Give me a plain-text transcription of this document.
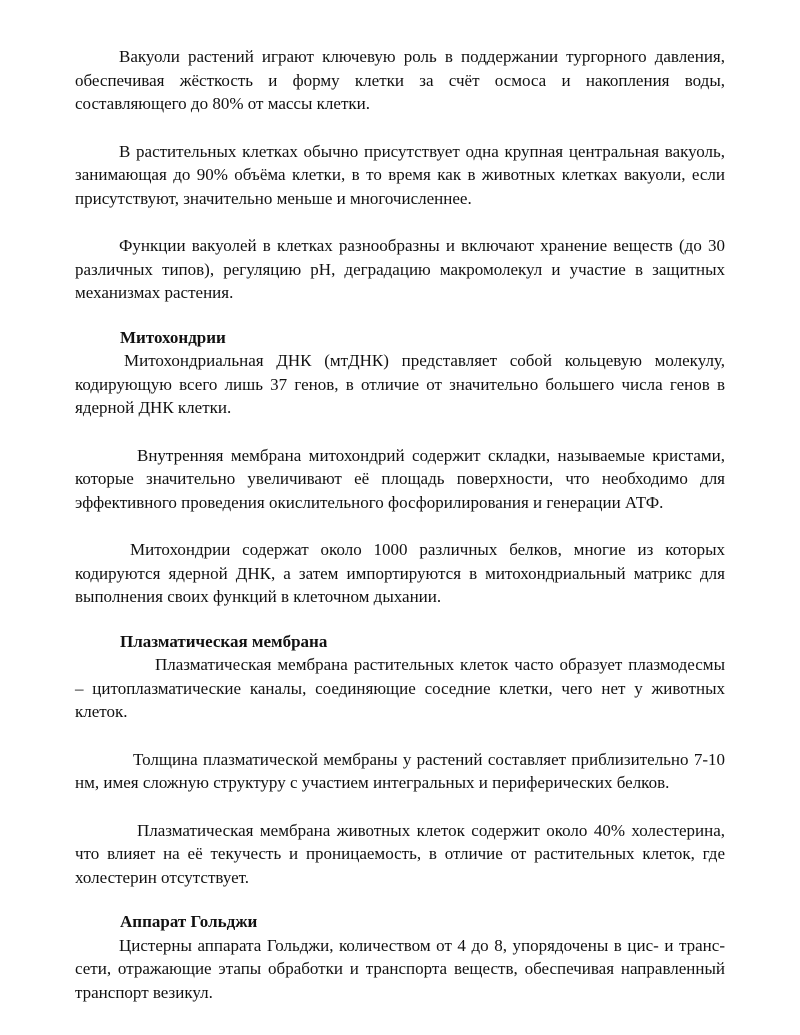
Вакуоли растений играют ключевую роль в поддержании тургорного давления, обеспечивая жёсткость и форму клетки за счёт осмоса и накопления воды, составляющего до 80% от массы клетки.

В растительных клетках обычно присутствует одна крупная центральная вакуоль, занимающая до 90% объёма клетки, в то время как в животных клетках вакуоли, если присутствуют, значительно меньше и многочисленнее.

Функции вакуолей в клетках разнообразны и включают хранение веществ (до 30 различных типов), регуляцию pH, деградацию макромолекул и участие в защитных механизмах растения.

Митохондрии

Митохондриальная ДНК (мтДНК) представляет собой кольцевую молекулу, кодирующую всего лишь 37 генов, в отличие от значительно большего числа генов в ядерной ДНК клетки.

Внутренняя мембрана митохондрий содержит складки, называемые кристами, которые значительно увеличивают её площадь поверхности, что необходимо для эффективного проведения окислительного фосфорилирования и генерации АТФ.

Митохондрии содержат около 1000 различных белков, многие из которых кодируются ядерной ДНК, а затем импортируются в митохондриальный матрикс для выполнения своих функций в клеточном дыхании.

Плазматическая мембрана

Плазматическая мембрана растительных клеток часто образует плазмодесмы – цитоплазматические каналы, соединяющие соседние клетки, чего нет у животных клеток.

Толщина плазматической мембраны у растений составляет приблизительно 7-10 нм, имея сложную структуру с участием интегральных и периферических белков.

Плазматическая мембрана животных клеток содержит около 40% холестерина, что влияет на её текучесть и проницаемость, в отличие от растительных клеток, где холестерин отсутствует.

Аппарат Гольджи

Цистерны аппарата Гольджи, количеством от 4 до 8, упорядочены в цис- и транс-сети, отражающие этапы обработки и транспорта веществ, обеспечивая направленный транспорт везикул.
